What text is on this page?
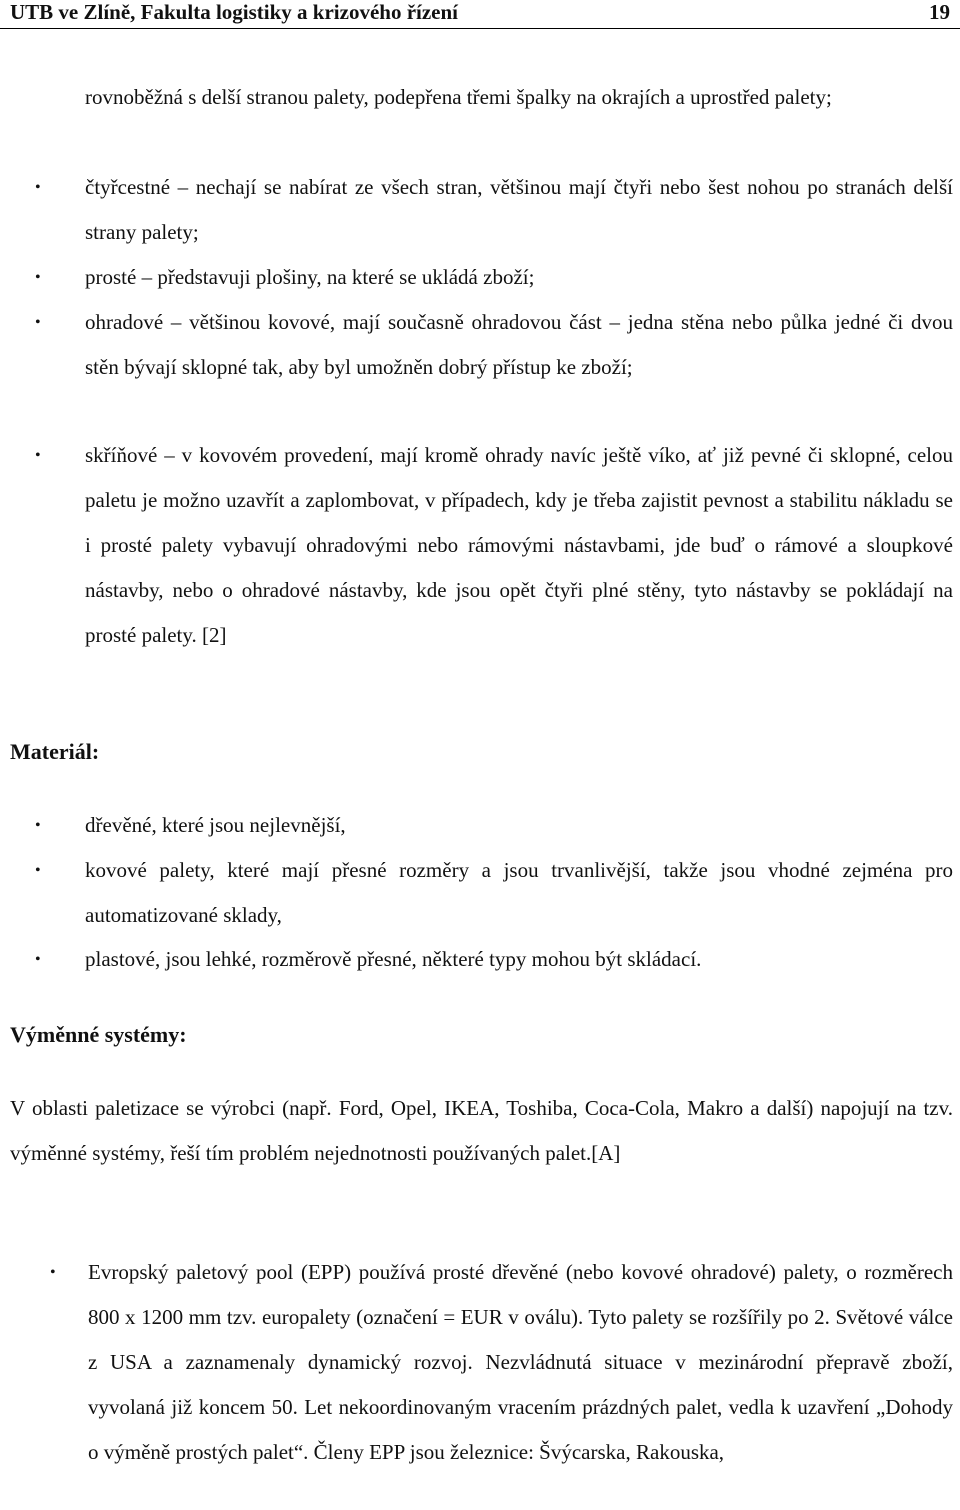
UTB ve Zlíně, Fakulta logistiky a krizového řízení	19

rovnoběžná s delší stranou palety, podepřena třemi špalky na okrajích a uprostřed palety;

• čtyřcestné – nechají se nabírat ze všech stran, většinou mají čtyři nebo šest nohou po stranách delší strany palety;

• prosté – představuji plošiny, na které se ukládá zboží;

• ohradové – většinou kovové, mají současně ohradovou část – jedna stěna nebo půlka jedné či dvou stěn bývají sklopné tak, aby byl umožněn dobrý přístup ke zboží;

• skříňové – v kovovém provedení, mají kromě ohrady navíc ještě víko, ať již pevné či sklopné, celou paletu je možno uzavřít a zaplombovat, v případech, kdy je třeba zajistit pevnost a stabilitu nákladu se i prosté palety vybavují ohradovými nebo rámovými nástavbami, jde buď o rámové a sloupkové nástavby, nebo o ohradové nástavby, kde jsou opět čtyři plné stěny, tyto nástavby se pokládají na prosté palety. [2]

Materiál:
• dřevěné, které jsou nejlevnější,

• kovové palety, které mají přesné rozměry a jsou trvanlivější, takže jsou vhodné zejména pro automatizované sklady,

• plastové, jsou lehké, rozměrově přesné, některé typy mohou být skládací.

Výměnné systémy:

V oblasti paletizace se výrobci (např. Ford, Opel, IKEA, Toshiba, Coca-Cola, Makro a další) napojují na tzv. výměnné systémy, řeší tím problém nejednotnosti používaných palet.[A]

• Evropský paletový pool (EPP) používá prosté dřevěné (nebo kovové ohradové) palety, o rozměrech 800 x 1200 mm tzv. europalety (označení = EUR v oválu). Tyto palety se rozšířily po 2. Světové válce z USA a zaznamenaly dynamický rozvoj. Nezvládnutá situace v mezinárodní přepravě zboží, vyvolaná již koncem 50. Let nekoordinovaným vracením prázdných palet, vedla k uzavření „Dohody o výměně prostých palet“. Členy EPP jsou železnice: Švýcarska, Rakouska,
